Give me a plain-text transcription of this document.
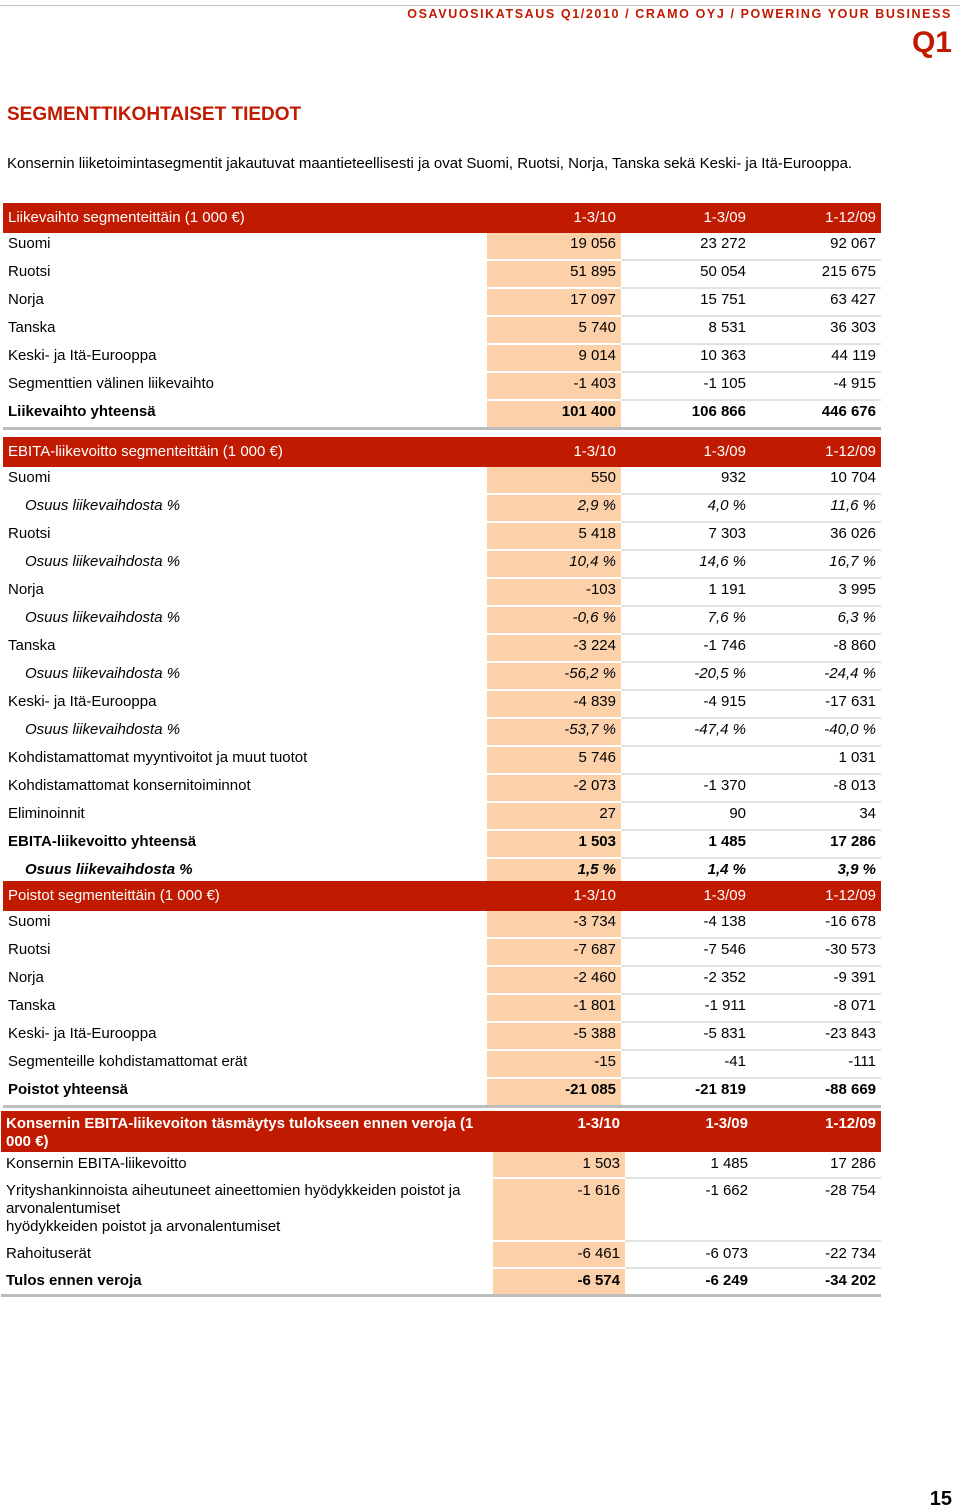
OSAVUOSIKATSAUS Q1/2010 / CRAMO OYJ / POWERING YOUR BUSINESS
Q1
SEGMENTTIKOHTAISET TIEDOT
Konsernin liiketoimintasegmentit jakautuvat maantieteellisesti ja ovat Suomi, Ruotsi, Norja, Tanska sekä Keski- ja Itä-Eurooppa.
Liikevaihto segmenteittäin (1 000 €)	1-3/10	1-3/09	1-12/09
Suomi	19 056	23 272	92 067
Ruotsi	51 895	50 054	215 675
Norja	17 097	15 751	63 427
Tanska	5 740	8 531	36 303
Keski- ja Itä-Eurooppa	9 014	10 363	44 119
Segmenttien välinen liikevaihto	-1 403	-1 105	-4 915
Liikevaihto yhteensä	101 400	106 866	446 676
EBITA-liikevoitto segmenteittäin (1 000 €)	1-3/10	1-3/09	1-12/09
Suomi	550	932	10 704
Osuus liikevaihdosta %	2,9 %	4,0 %	11,6 %
Ruotsi	5 418	7 303	36 026
Osuus liikevaihdosta %	10,4 %	14,6 %	16,7 %
Norja	-103	1 191	3 995
Osuus liikevaihdosta %	-0,6 %	7,6 %	6,3 %
Tanska	-3 224	-1 746	-8 860
Osuus liikevaihdosta %	-56,2 %	-20,5 %	-24,4 %
Keski- ja Itä-Eurooppa	-4 839	-4 915	-17 631
Osuus liikevaihdosta %	-53,7 %	-47,4 %	-40,0 %
Kohdistamattomat myyntivoitot ja muut tuotot	5 746		1 031
Kohdistamattomat konsernitoiminnot	-2 073	-1 370	-8 013
Eliminoinnit	27	90	34
EBITA-liikevoitto yhteensä	1 503	1 485	17 286
Osuus liikevaihdosta %	1,5 %	1,4 %	3,9 %
Poistot segmenteittäin (1 000 €)	1-3/10	1-3/09	1-12/09
Suomi	-3 734	-4 138	-16 678
Ruotsi	-7 687	-7 546	-30 573
Norja	-2 460	-2 352	-9 391
Tanska	-1 801	-1 911	-8 071
Keski- ja Itä-Eurooppa	-5 388	-5 831	-23 843
Segmenteille kohdistamattomat erät	-15	-41	-111
Poistot yhteensä	-21 085	-21 819	-88 669
Konsernin EBITA-liikevoiton täsmäytys tulokseen ennen veroja (1 000 €)	1-3/10	1-3/09	1-12/09
Konsernin EBITA-liikevoitto	1 503	1 485	17 286

Yrityshankinnoista aiheutuneet aineettomien hyödykkeiden poistot ja arvonalentumiset
hyödykkeiden poistot ja arvonalentumiset	-1 616	-1 662	-28 754
Rahoituserät	-6 461	-6 073	-22 734
Tulos ennen veroja	-6 574	-6 249	-34 202
15
